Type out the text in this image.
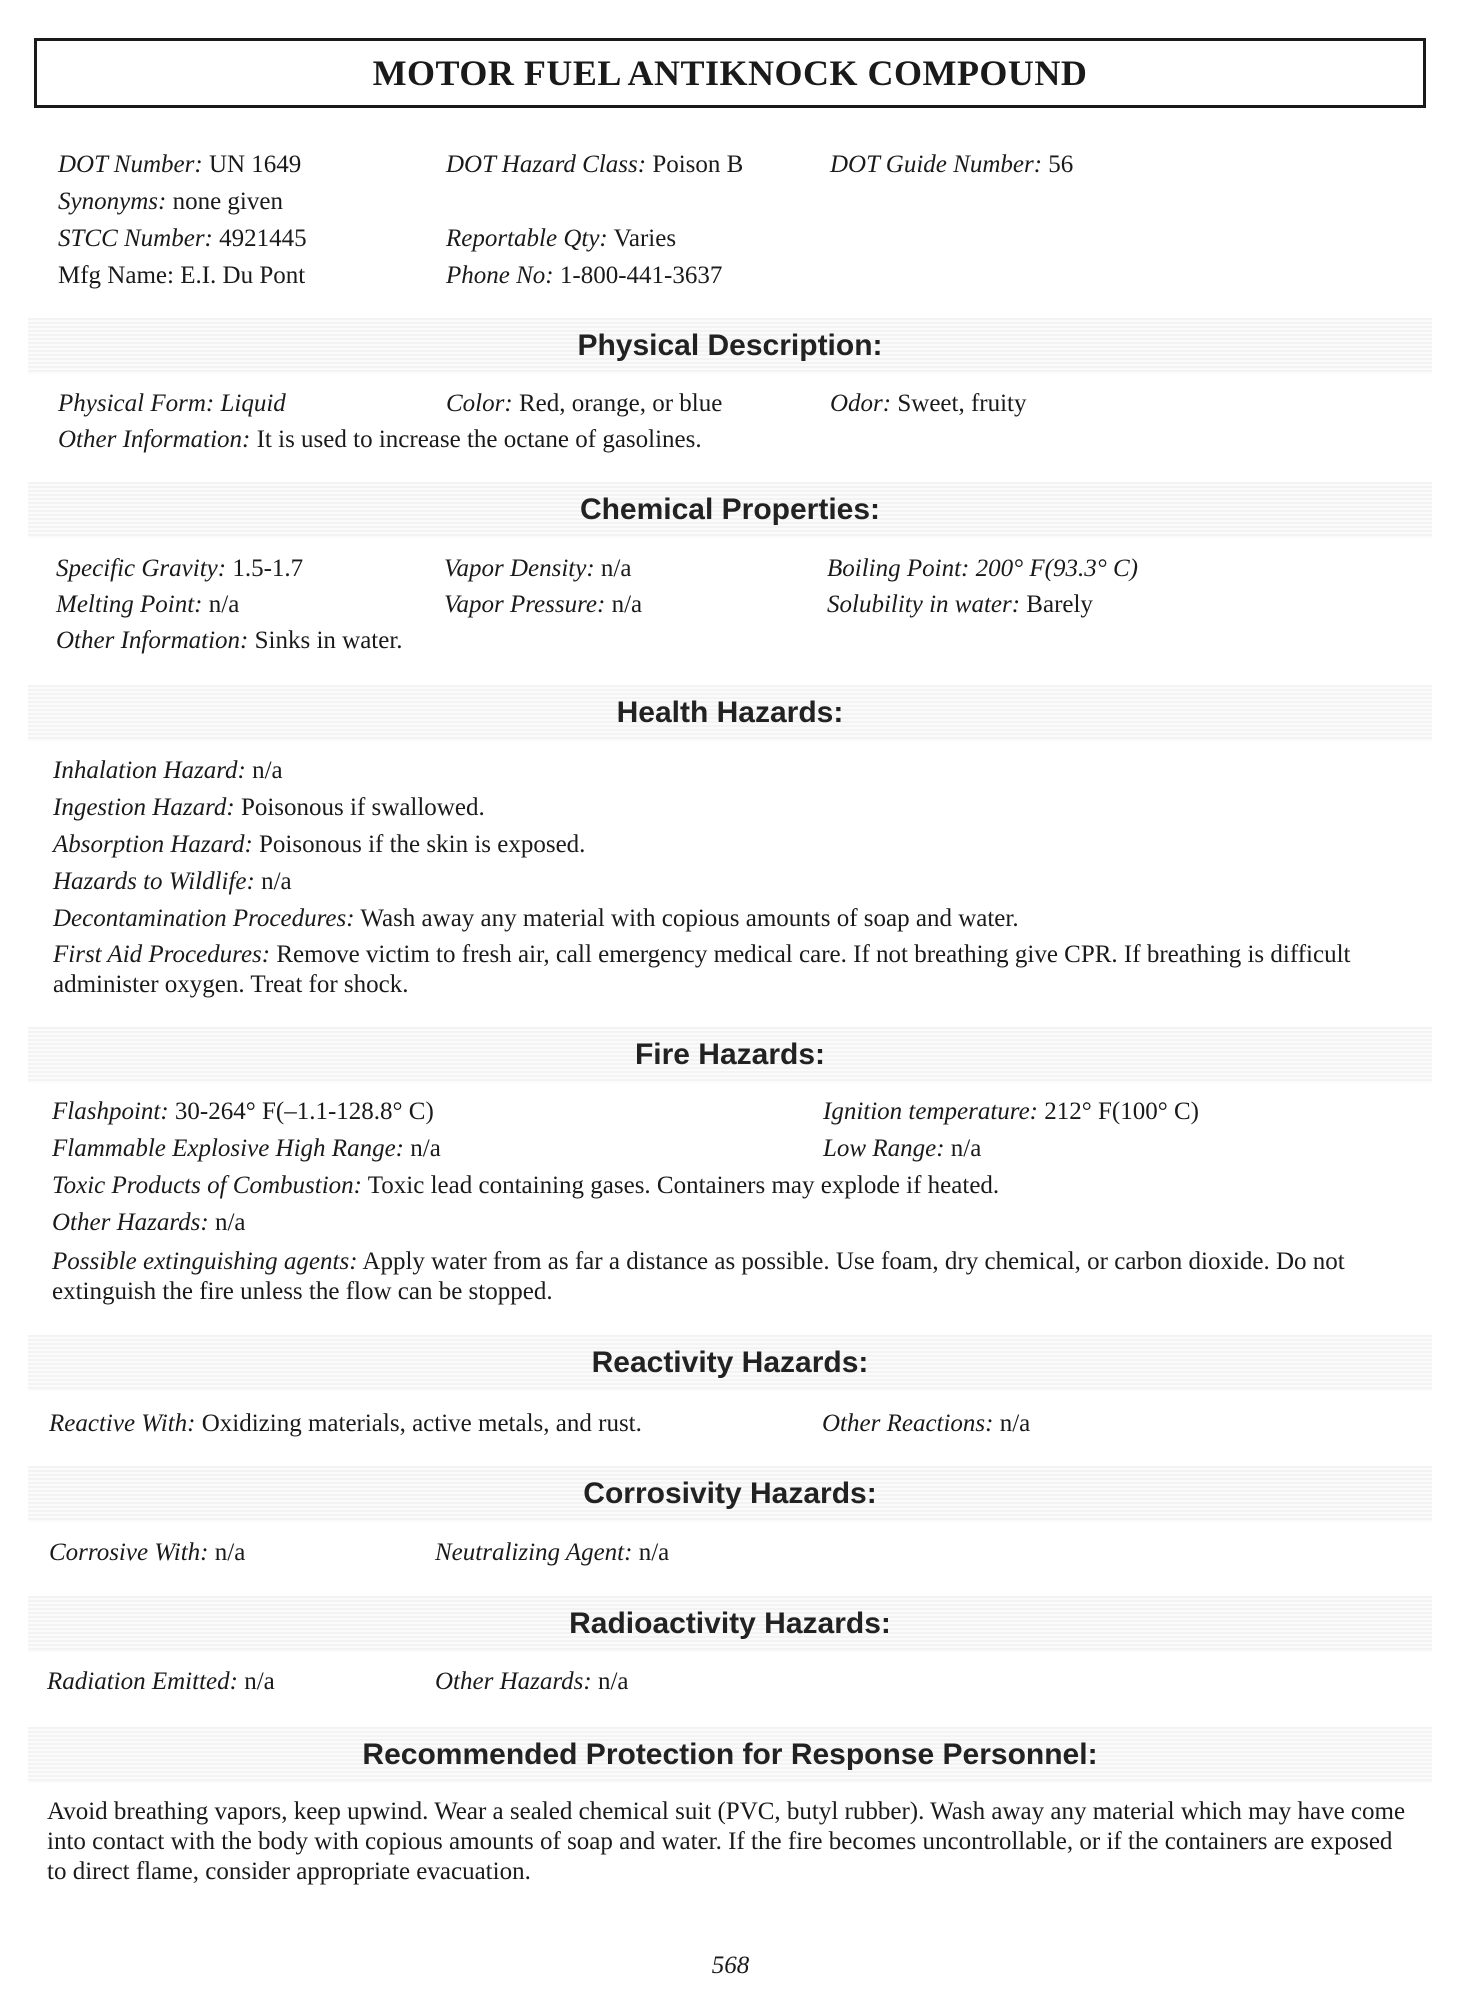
MOTOR FUEL ANTIKNOCK COMPOUND
DOT Number: UN 1649	DOT Hazard Class: Poison B	DOT Guide Number: 56
Synonyms: none given
STCC Number: 4921445	Reportable Qty: Varies
Mfg Name: E.I. Du Pont	Phone No: 1-800-441-3637
Physical Description:
Physical Form: Liquid	Color: Red, orange, or blue	Odor: Sweet, fruity
Other Information: It is used to increase the octane of gasolines.
Chemical Properties:
Specific Gravity: 1.5-1.7	Vapor Density: n/a	Boiling Point: 200° F(93.3° C)
Melting Point: n/a	Vapor Pressure: n/a	Solubility in water: Barely
Other Information: Sinks in water.
Health Hazards:
Inhalation Hazard: n/a
Ingestion Hazard: Poisonous if swallowed.
Absorption Hazard: Poisonous if the skin is exposed.
Hazards to Wildlife: n/a
Decontamination Procedures: Wash away any material with copious amounts of soap and water.
First Aid Procedures: Remove victim to fresh air, call emergency medical care. If not breathing give CPR. If breathing is difficult administer oxygen. Treat for shock.
Fire Hazards:
Flashpoint: 30-264° F(–1.1-128.8° C)	Ignition temperature: 212° F(100° C)
Flammable Explosive High Range: n/a	Low Range: n/a
Toxic Products of Combustion: Toxic lead containing gases. Containers may explode if heated.
Other Hazards: n/a
Possible extinguishing agents: Apply water from as far a distance as possible. Use foam, dry chemical, or carbon dioxide. Do not extinguish the fire unless the flow can be stopped.
Reactivity Hazards:
Reactive With: Oxidizing materials, active metals, and rust.	Other Reactions: n/a
Corrosivity Hazards:
Corrosive With: n/a	Neutralizing Agent: n/a
Radioactivity Hazards:
Radiation Emitted: n/a	Other Hazards: n/a
Recommended Protection for Response Personnel:
Avoid breathing vapors, keep upwind. Wear a sealed chemical suit (PVC, butyl rubber). Wash away any material which may have come into contact with the body with copious amounts of soap and water. If the fire becomes uncontrollable, or if the containers are exposed to direct flame, consider appropriate evacuation.
568
